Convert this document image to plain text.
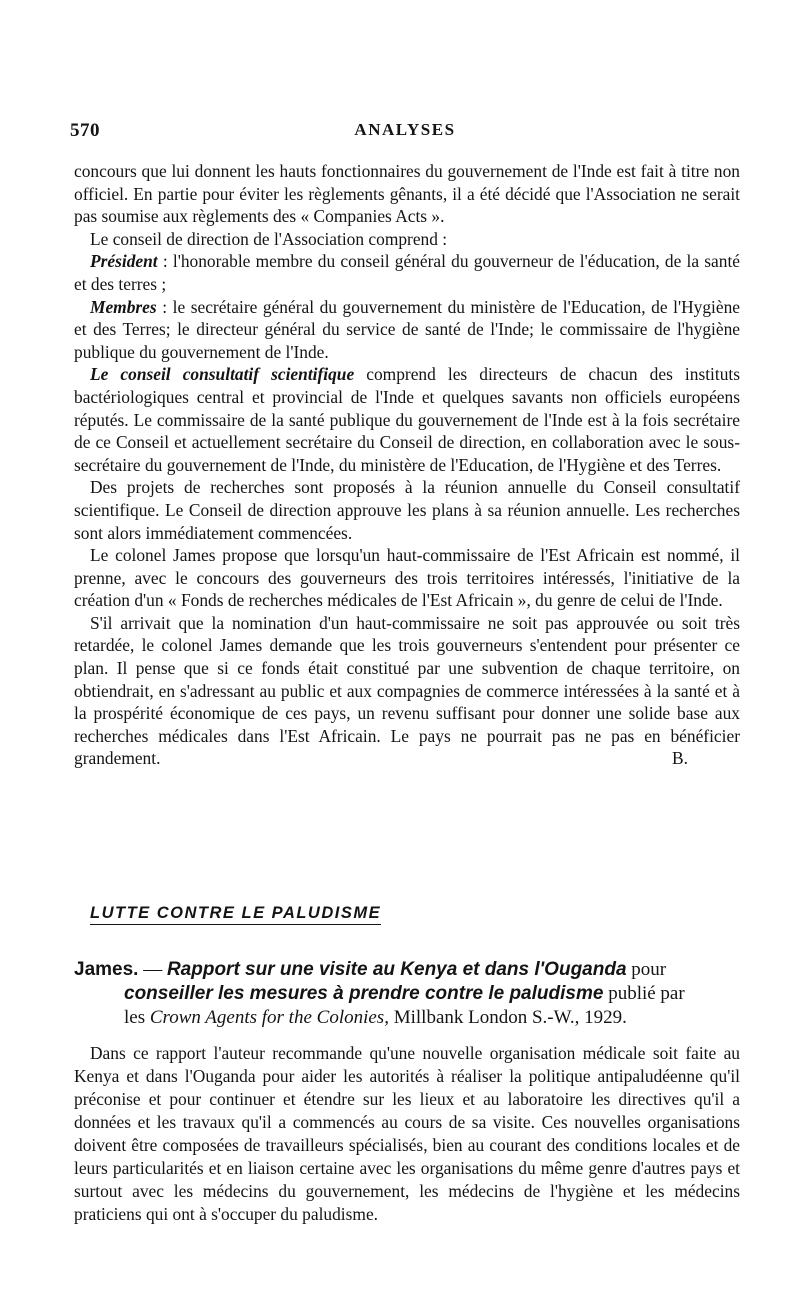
570	ANALYSES

concours que lui donnent les hauts fonctionnaires du gouvernement de l'Inde est fait à titre non officiel. En partie pour éviter les règlements gênants, il a été décidé que l'Association ne serait pas soumise aux règlements des « Companies Acts ».

Le conseil de direction de l'Association comprend :

Président : l'honorable membre du conseil général du gouverneur de l'éducation, de la santé et des terres ;

Membres : le secrétaire général du gouvernement du ministère de l'Education, de l'Hygiène et des Terres; le directeur général du service de santé de l'Inde; le commissaire de l'hygiène publique du gouvernement de l'Inde.

Le conseil consultatif scientifique comprend les directeurs de chacun des instituts bactériologiques central et provincial de l'Inde et quelques savants non officiels européens réputés. Le commissaire de la santé publique du gouvernement de l'Inde est à la fois secrétaire de ce Conseil et actuellement secrétaire du Conseil de direction, en collaboration avec le sous-secrétaire du gouvernement de l'Inde, du ministère de l'Education, de l'Hygiène et des Terres.

Des projets de recherches sont proposés à la réunion annuelle du Conseil consultatif scientifique. Le Conseil de direction approuve les plans à sa réunion annuelle. Les recherches sont alors immédiatement commencées.

Le colonel James propose que lorsqu'un haut-commissaire de l'Est Africain est nommé, il prenne, avec le concours des gouverneurs des trois territoires intéressés, l'initiative de la création d'un « Fonds de recherches médicales de l'Est Africain », du genre de celui de l'Inde.

S'il arrivait que la nomination d'un haut-commissaire ne soit pas approuvée ou soit très retardée, le colonel James demande que les trois gouverneurs s'entendent pour présenter ce plan. Il pense que si ce fonds était constitué par une subvention de chaque territoire, on obtiendrait, en s'adressant au public et aux compagnies de commerce intéressées à la santé et à la prospérité économique de ces pays, un revenu suffisant pour donner une solide base aux recherches médicales dans l'Est Africain. Le pays ne pourrait pas ne pas en bénéficier grandement.	B.
LUTTE CONTRE LE PALUDISME
James. — Rapport sur une visite au Kenya et dans l'Ouganda pour
conseiller les mesures à prendre contre le paludisme publié par
les Crown Agents for the Colonies, Millbank London S.-W., 1929.

Dans ce rapport l'auteur recommande qu'une nouvelle organisation médicale soit faite au Kenya et dans l'Ouganda pour aider les autorités à réaliser la politique antipaludéenne qu'il préconise et pour continuer et étendre sur les lieux et au laboratoire les directives qu'il a données et les travaux qu'il a commencés au cours de sa visite. Ces nouvelles organisations doivent être composées de travailleurs spécialisés, bien au courant des conditions locales et de leurs particularités et en liaison certaine avec les organisations du même genre d'autres pays et surtout avec les médecins du gouvernement, les médecins de l'hygiène et les médecins praticiens qui ont à s'occuper du paludisme.
